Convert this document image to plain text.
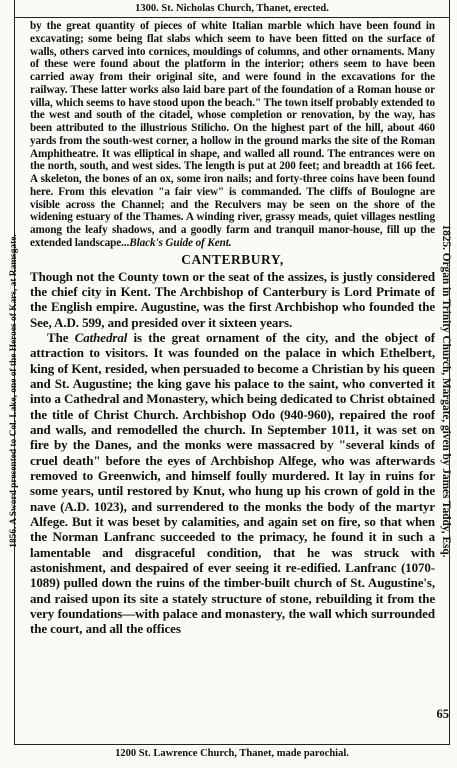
1300. St. Nicholas Church, Thanet, erected.
1856. A Sword presented to Col. Lake, one of the Heroes of Kars, at Ramsgate.	1825. Organ in Trinity Church, Margate, given by James Taddy, Esq.

by the great quantity of pieces of white Italian marble which have been found in excavating; some being flat slabs which seem to have been fitted on the surface of walls, others carved into cornices, mouldings of columns, and other ornaments. Many of these were found about the platform in the interior; others seem to have been carried away from their original site, and were found in the excavations for the railway. These latter works also laid bare part of the foundation of a Roman house or villa, which seems to have stood upon the beach." The town itself probably extended to the west and south of the citadel, whose completion or renovation, by the way, has been attributed to the illustrious Stilicho. On the highest part of the hill, about 460 yards from the south-west corner, a hollow in the ground marks the site of the Roman Amphitheatre. It was elliptical in shape, and walled all round. The entrances were on the north, south, and west sides. The length is put at 200 feet; and breadth at 166 feet. A skeleton, the bones of an ox, some iron nails; and forty-three coins have been found here. From this elevation "a fair view" is commanded. The cliffs of Boulogne are visible across the Channel; and the Reculvers may be seen on the shore of the widening estuary of the Thames. A winding river, grassy meads, quiet villages nestling among the leafy shadows, and a goodly farm and tranquil manor-house, fill up the extended landscape...Black's Guide of Kent.

CANTERBURY,

Though not the County town or the seat of the assizes, is justly considered the chief city in Kent. The Archbishop of Canterbury is Lord Primate of the English empire. Augustine, was the first Archbishop who founded the See, A.D. 599, and presided over it sixteen years.

The Cathedral is the great ornament of the city, and the object of attraction to visitors. It was founded on the palace in which Ethelbert, king of Kent, resided, when persuaded to become a Christian by his queen and St. Augustine; the king gave his palace to the saint, who converted it into a Cathedral and Monastery, which being dedicated to Christ obtained the title of Christ Church. Archbishop Odo (940-960), repaired the roof and walls, and remodelled the church. In September 1011, it was set on fire by the Danes, and the monks were massacred by "several kinds of cruel death" before the eyes of Archbishop Alfege, who was afterwards removed to Greenwich, and himself foully murdered. It lay in ruins for some years, until restored by Knut, who hung up his crown of gold in the nave (A.D. 1023), and surrendered to the monks the body of the martyr Alfege. But it was beset by calamities, and again set on fire, so that when the Norman Lanfranc succeeded to the primacy, he found it in such a lamentable and disgraceful condition, that he was struck with astonishment, and despaired of ever seeing it re-edified. Lanfranc (1070-1089) pulled down the ruins of the timber-built church of St. Augustine's, and raised upon its site a stately structure of stone, rebuilding it from the very foundations—with palace and monastery, the wall which surrounded the court, and all the offices

65
1200 St. Lawrence Church, Thanet, made parochial.
